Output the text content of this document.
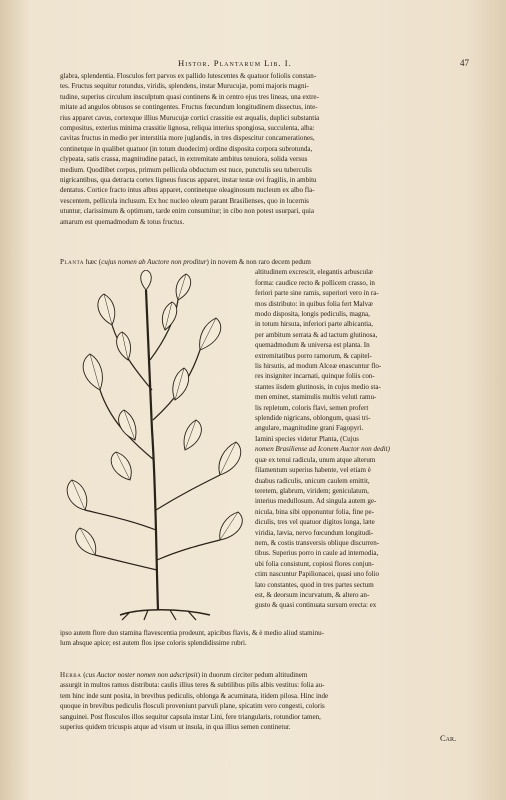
Histor. Plantarum Lib. I.	47

glabra, splendentia. Flosculos fert parvos ex pallido lutescentes & quatuor foliolis constan-
tes. Fructus sequitur rotundus, viridis, splendens, instar Murucujæ, pomi majoris magni-
tudine, superius circulum insculptum quasi continens & in centro ejus tres lineas, una extre-
mitate ad angulos obtusos se contingentes. Fructus fœcundum longitudinem dissectus, inte-
rius apparet cavus, cortexque illius Murucujæ cortici crassitie est æqualis, duplici substantia
compositus, exterius minima crassitie lignosa, reliqua interius spongiosa, succulenta, alba:
cavitas fructus in medio per interstitia more juglandis, in tres dispescitur concamerationes,
continetque in qualibet quatuor (in totum duodecim) ordine disposita corpora subrotunda,
clypeata, satis crassa, magnitudine pataci, in extremitate ambitus tenuiora, solida versus
medium. Quodlibet corpus, primum pellicula obductum est nuce, punctulis seu tuberculis
nigricantibus, qua detracta cortex ligneus fuscus apparet, instar testæ ovi fragilis, in ambitu
dentatus. Cortice fracto intus albus apparet, continetque oleaginosum nucleum ex albo fla-
vescentem, pellicula inclusum. Ex hoc nucleo oleum parant Brasilienses, quo in lucernis
utuntur, clarissimum & optimum, tarde enim consumitur; in cibo non potest usurpari, quia
amarum est quemadmodum & totus fructus.

Planta hæc (cujus nomen ab Auctore non proditur) in novem & non raro decem pedum

altitudinem excrescit, elegantis arbusculæ
forma: caudice recto & pollicem crasso, in
feriori parte sine ramis, superiori vero in ra-
mos distributo: in quibus folia fert Malvæ
modo disposita, longis pediculis, magna,
in totum hirsuta, inferiori parte albicantia,
per ambitum serrata & ad tactum glutinosa,
quemadmodum & universa est planta. In
extremitatibus porro ramorum, & capitel-
lis hirsutis, ad modum Alceæ enascuntur flo-
res insigniter incarnati, quinque foliis con-
stantes iisdem glutinosis, in cujus medio sta-
men eminet, staminulis multis veluti ramu-
lis repletum, coloris flavi, semen profert
splendide nigricans, oblongum, quasi tri-
angulare, magnitudine grani Fagopyri.
Iamini species videtur Planta, (Cujus
nomen Brasiliense ad Iconem Auctor non dedit)
quæ ex tenui radicula, unum atque alterum
filamentum superius habente, vel etiam è
duabus radiculis, unicum caulem emittit,
teretem, glabrum, viridem; geniculatum,
interius medullosum. Ad singula autem ge-
nicula, bina sibi opponuntur folia, fine pe-
diculis, tres vel quatuor digitos longa, læte
viridia, lævia, nervo fœcundum longitudi-
nem, & costis transversis oblique discurren-
tibus. Superius porro in caule ad internodia,
ubi folia consistunt, copiosi flores conjun-
ctim nascuntur Papilionacei, quasi uno folio
lato constantes, quod in tres partes sectum
est, & deorsum incurvatum, & altero an-
gusto & quasi continuata sursum erecta: ex

ipso autem flore duo stamina flavescentia prodeunt, apicibus flavis, & è medio aliud staminu-
lum absque apice; est autem flos ipse coloris splendidissime rubri.

Herba (cus Auctor noster nomen non adscripsit) in duorum circiter pedum altitudinem
assurgit in multos ramos distributa: caulis illius teres & subtilibus pilis albis vestitus: folia au-
tem hinc inde sunt posita, in brevibus pediculis, oblonga & acuminata, itidem pilosa. Hinc inde
quoque in brevibus pediculis flosculi proveniunt parvuli plane, spicatim vero congesti, coloris
sanguinei. Post flosculos illos sequitur capsula instar Lini, fere triangularis, rotundior tamen,
superius quidem tricuspis atque ad visum ut insula, in qua illius semen continetur.

Car.
